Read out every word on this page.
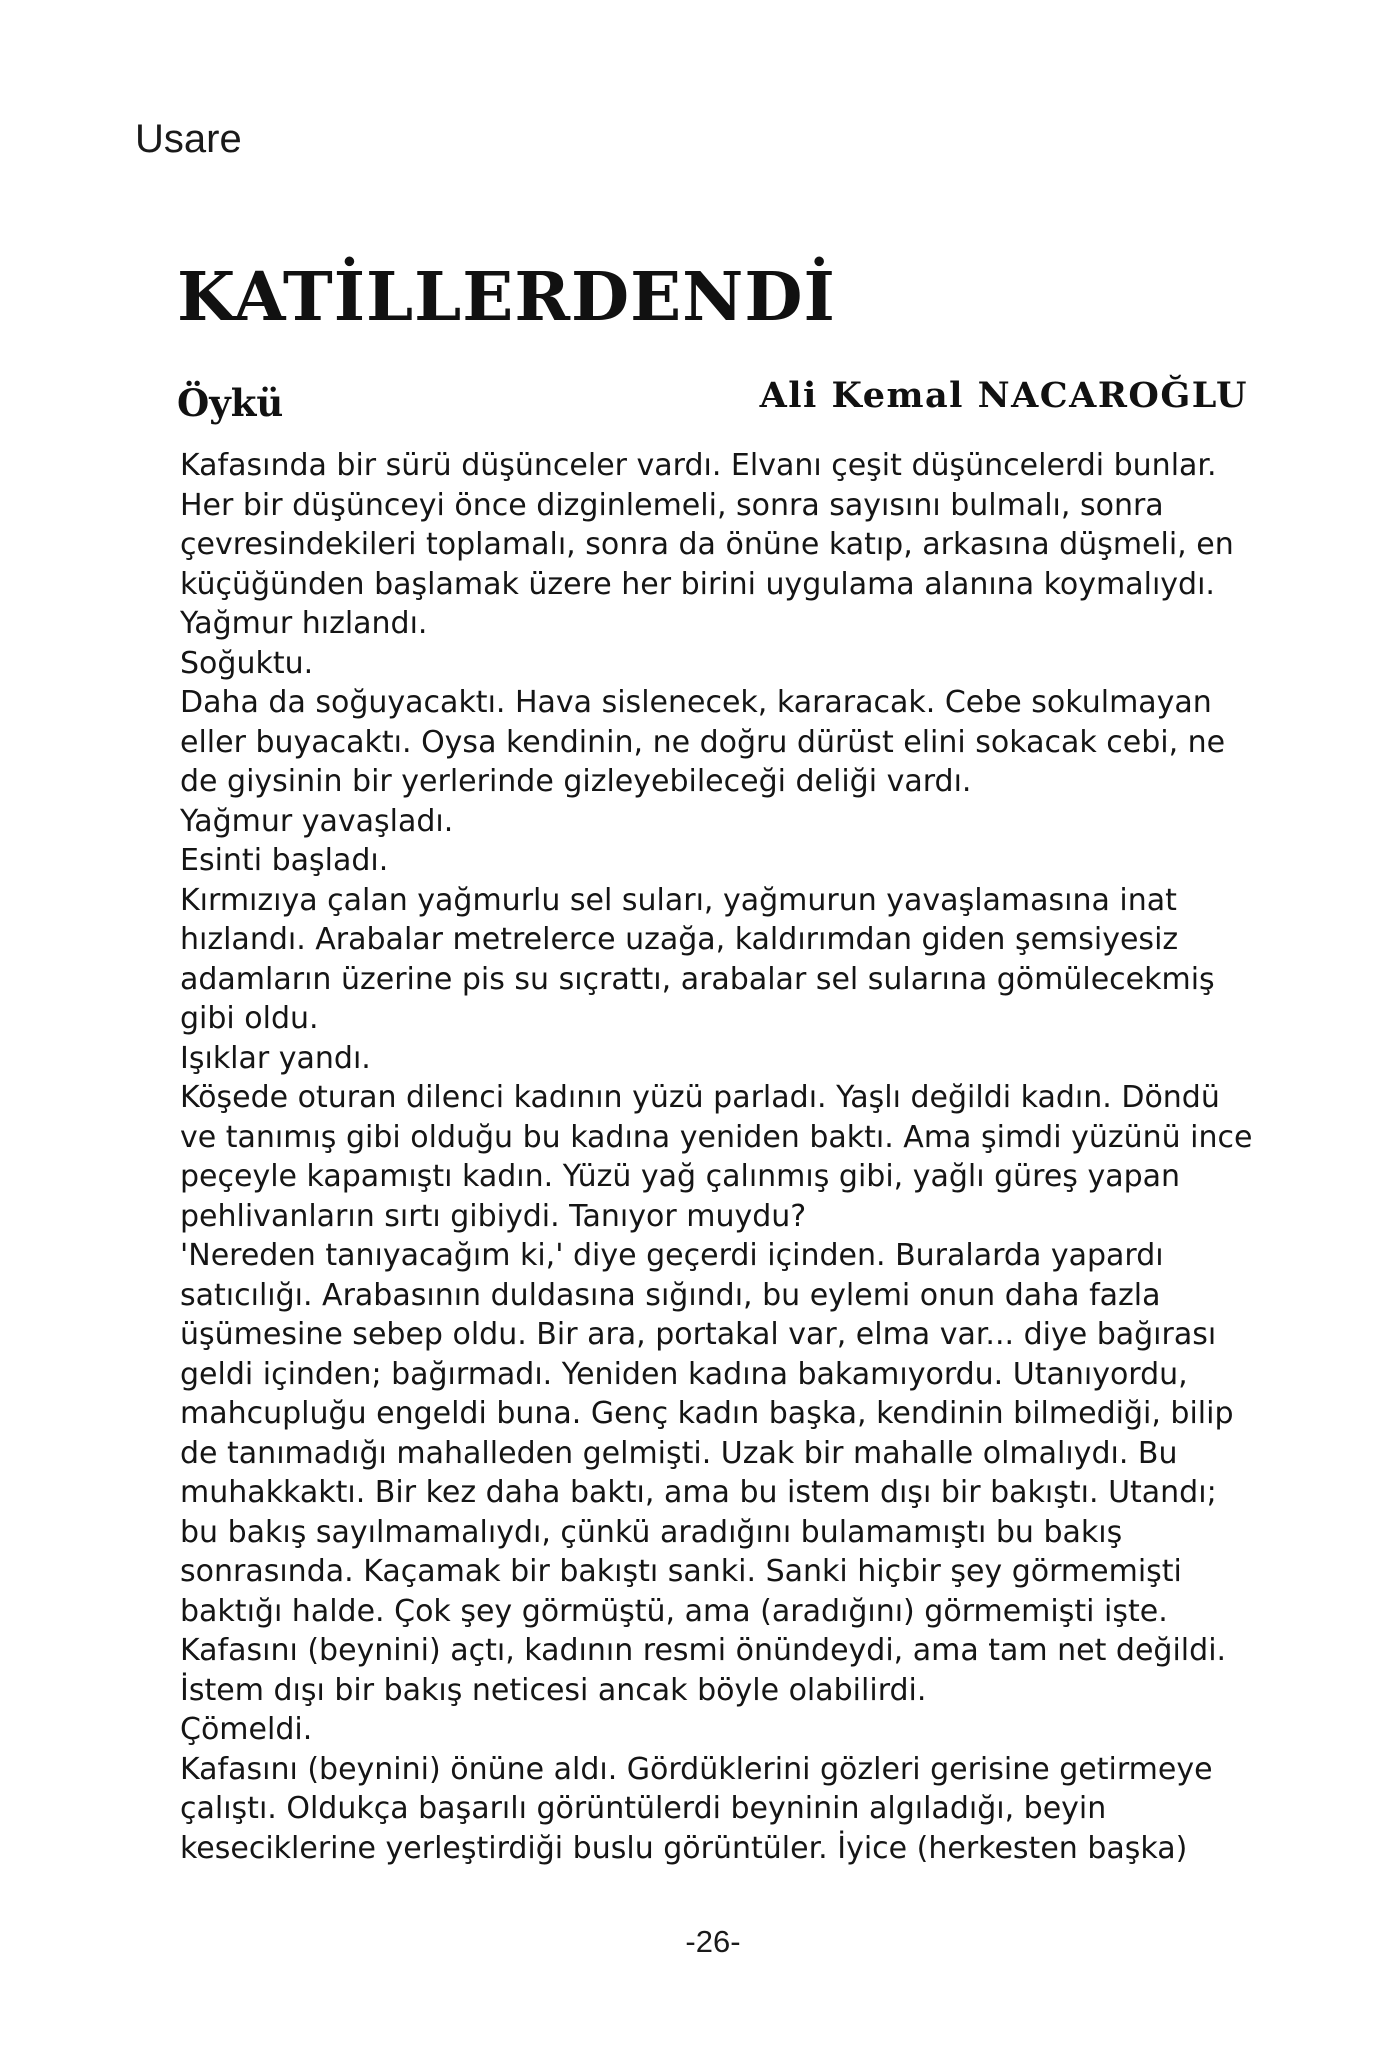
Usare
KATİLLERDENDİ
Öykü	Ali Kemal NACAROĞLU
Kafasında bir sürü düşünceler vardı. Elvanı çeşit düşüncelerdi bunlar.
Her bir düşünceyi önce dizginlemeli, sonra sayısını bulmalı, sonra
çevresindekileri toplamalı, sonra da önüne katıp, arkasına düşmeli, en
küçüğünden başlamak üzere her birini uygulama alanına koymalıydı.
Yağmur hızlandı.
Soğuktu.
Daha da soğuyacaktı. Hava sislenecek, kararacak. Cebe sokulmayan
eller buyacaktı. Oysa kendinin, ne doğru dürüst elini sokacak cebi, ne
de giysinin bir yerlerinde gizleyebileceği deliği vardı.
Yağmur yavaşladı.
Esinti başladı.
Kırmızıya çalan yağmurlu sel suları, yağmurun yavaşlamasına inat
hızlandı. Arabalar metrelerce uzağa, kaldırımdan giden şemsiyesiz
adamların üzerine pis su sıçrattı, arabalar sel sularına gömülecekmiş
gibi oldu.
Işıklar yandı.
Köşede oturan dilenci kadının yüzü parladı. Yaşlı değildi kadın. Döndü
ve tanımış gibi olduğu bu kadına yeniden baktı. Ama şimdi yüzünü ince
peçeyle kapamıştı kadın. Yüzü yağ çalınmış gibi, yağlı güreş yapan
pehlivanların sırtı gibiydi. Tanıyor muydu?
'Nereden tanıyacağım ki,' diye geçerdi içinden. Buralarda yapardı
satıcılığı. Arabasının duldasına sığındı, bu eylemi onun daha fazla
üşümesine sebep oldu. Bir ara, portakal var, elma var... diye bağırası
geldi içinden; bağırmadı. Yeniden kadına bakamıyordu. Utanıyordu,
mahcupluğu engeldi buna. Genç kadın başka, kendinin bilmediği, bilip
de tanımadığı mahalleden gelmişti. Uzak bir mahalle olmalıydı. Bu
muhakkaktı. Bir kez daha baktı, ama bu istem dışı bir bakıştı. Utandı;
bu bakış sayılmamalıydı, çünkü aradığını bulamamıştı bu bakış
sonrasında. Kaçamak bir bakıştı sanki. Sanki hiçbir şey görmemişti
baktığı halde. Çok şey görmüştü, ama (aradığını) görmemişti işte.
Kafasını (beynini) açtı, kadının resmi önündeydi, ama tam net değildi.
İstem dışı bir bakış neticesi ancak böyle olabilirdi.
Çömeldi.
Kafasını (beynini) önüne aldı. Gördüklerini gözleri gerisine getirmeye
çalıştı. Oldukça başarılı görüntülerdi beyninin algıladığı, beyin
keseciklerine yerleştirdiği buslu görüntüler. İyice (herkesten başka)
-26-
